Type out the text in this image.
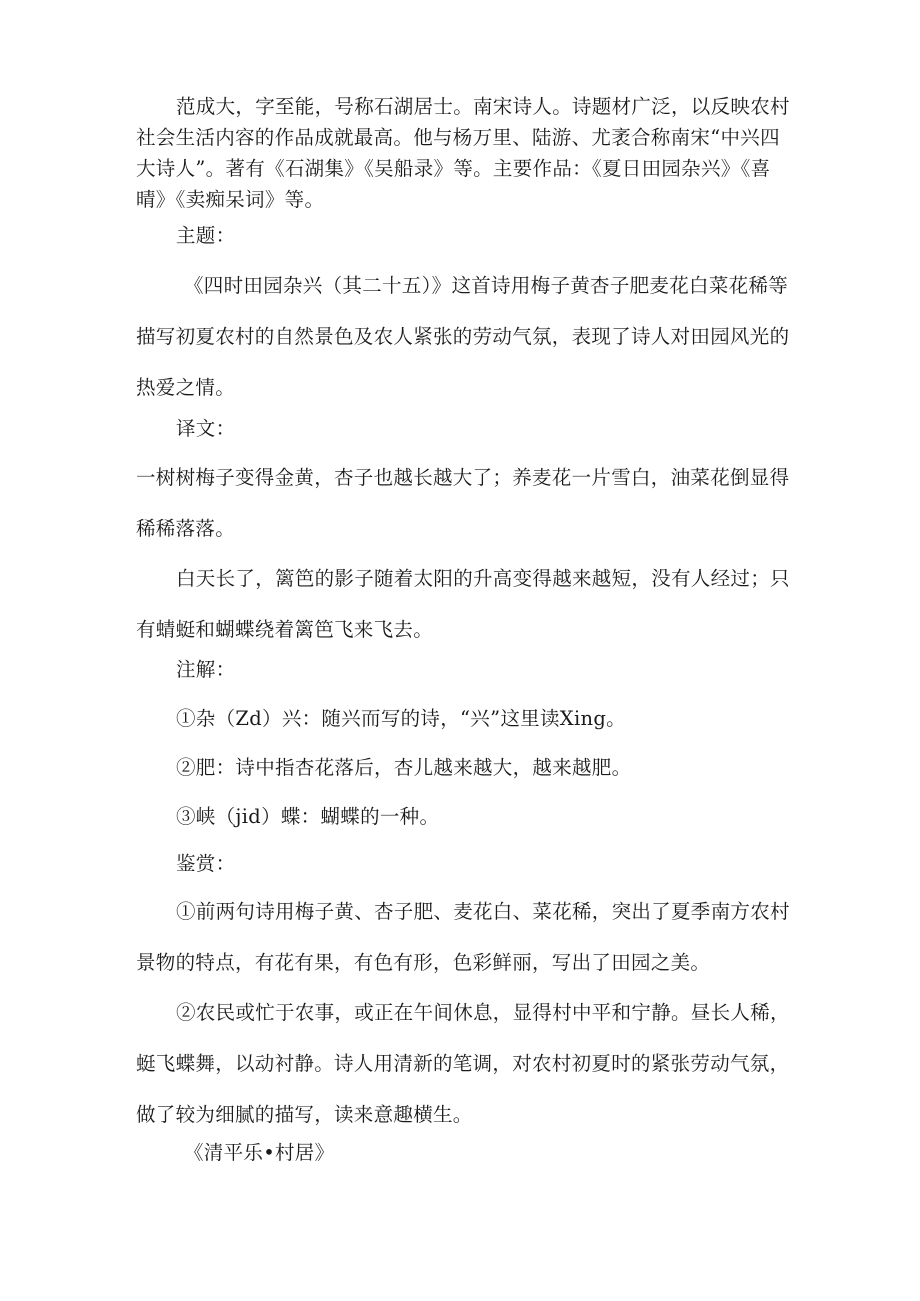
范成大，字至能，号称石湖居士。南宋诗人。诗题材广泛，以反映农村社会生活内容的作品成就最高。他与杨万里、陆游、尤袤合称南宋“中兴四大诗人”。著有《石湖集》《吴船录》等。主要作品：《夏日田园杂兴》《喜晴》《卖痴呆词》等。

主题：

《四时田园杂兴（其二十五）》这首诗用梅子黄杏子肥麦花白菜花稀等描写初夏农村的自然景色及农人紧张的劳动气氛，表现了诗人对田园风光的热爱之情。

译文：

一树树梅子变得金黄，杏子也越长越大了；养麦花一片雪白，油菜花倒显得稀稀落落。

白天长了，篱笆的影子随着太阳的升高变得越来越短，没有人经过；只有蜻蜓和蝴蝶绕着篱笆飞来飞去。

注解：

①杂（Zd）兴：随兴而写的诗，“兴”这里读Xing。

②肥：诗中指杏花落后，杏儿越来越大，越来越肥。

③峡（jid）蝶：蝴蝶的一种。

鉴赏：

①前两句诗用梅子黄、杏子肥、麦花白、菜花稀，突出了夏季南方农村景物的特点，有花有果，有色有形，色彩鲜丽，写出了田园之美。

②农民或忙于农事，或正在午间休息，显得村中平和宁静。昼长人稀，蜓飞蝶舞，以动衬静。诗人用清新的笔调，对农村初夏时的紧张劳动气氛，做了较为细腻的描写，读来意趣横生。

《清平乐•村居》
